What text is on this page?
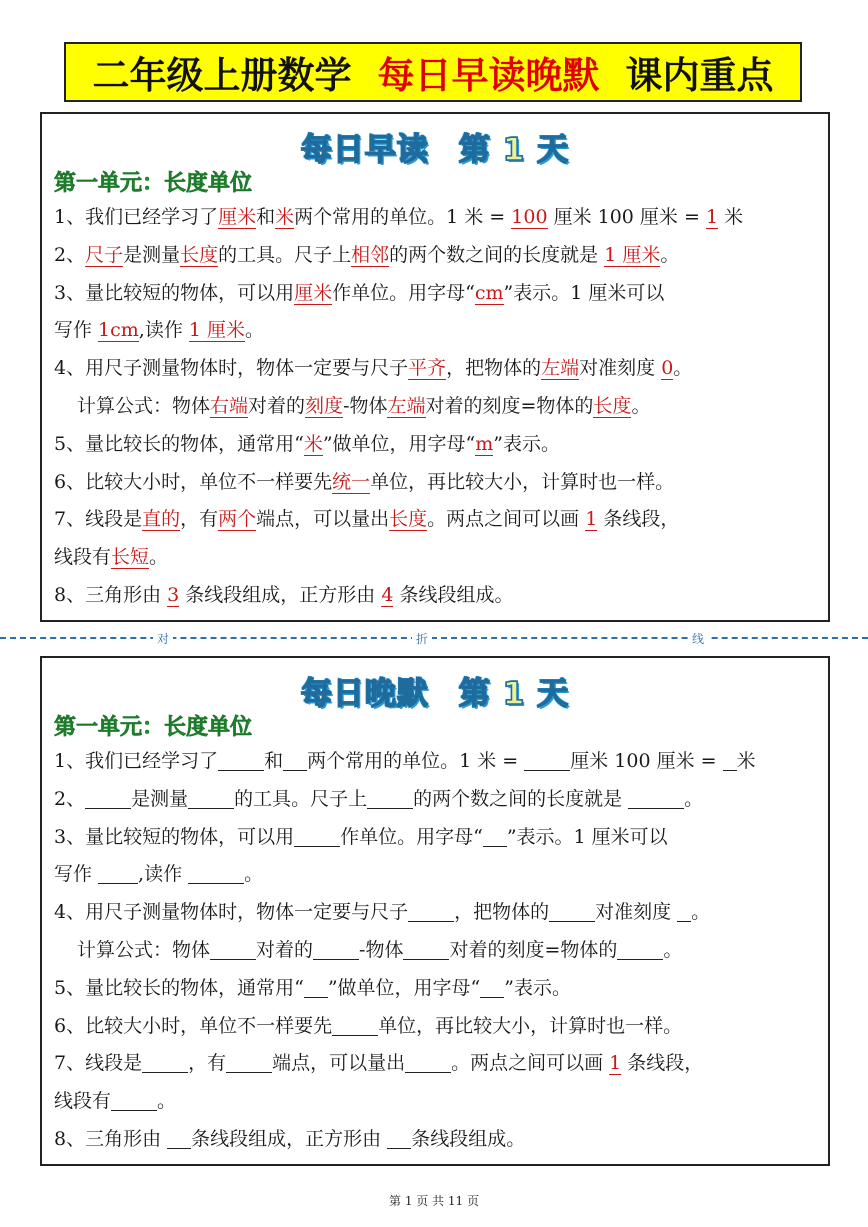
二年级上册数学 每日早读晚默 课内重点
每日早读 第 1 天
第一单元：长度单位
1、我们已经学习了厘米和米两个常用的单位。1 米 = 100 厘米 100 厘米 = 1 米
2、尺子是测量长度的工具。尺子上相邻的两个数之间的长度就是 1 厘米。
3、量比较短的物体，可以用厘米作单位。用字母“cm”表示。1 厘米可以
写作 1cm,读作 1 厘米。
4、用尺子测量物体时，物体一定要与尺子平齐，把物体的左端对准刻度 0。
计算公式：物体右端对着的刻度-物体左端对着的刻度=物体的长度。
5、量比较长的物体，通常用“米”做单位，用字母“m”表示。
6、比较大小时，单位不一样要先统一单位，再比较大小，计算时也一样。
7、线段是直的，有两个端点，可以量出长度。两点之间可以画 1 条线段，
线段有长短。
8、三角形由 3 条线段组成，正方形由 4 条线段组成。
对	折	线
每日晚默 第 1 天
第一单元：长度单位
1、我们已经学习了 和 两个常用的单位。1 米 = 厘米 100 厘米 = 米
2、 是测量 的工具。尺子上 的两个数之间的长度就是	。
3、量比较短的物体，可以用 作单位。用字母“ ”表示。1 厘米可以
写作 ,读作	。
4、用尺子测量物体时，物体一定要与尺子 ，把物体的 对准刻度 。
计算公式：物体 对着的 -物体 对着的刻度=物体的 。
5、量比较长的物体，通常用“ ”做单位，用字母“ ”表示。
6、比较大小时，单位不一样要先 单位，再比较大小，计算时也一样。
7、线段是 ，有 端点，可以量出 。两点之间可以画 1 条线段，
线段有 。
8、三角形由 条线段组成，正方形由 条线段组成。
第 1 页 共 11 页
